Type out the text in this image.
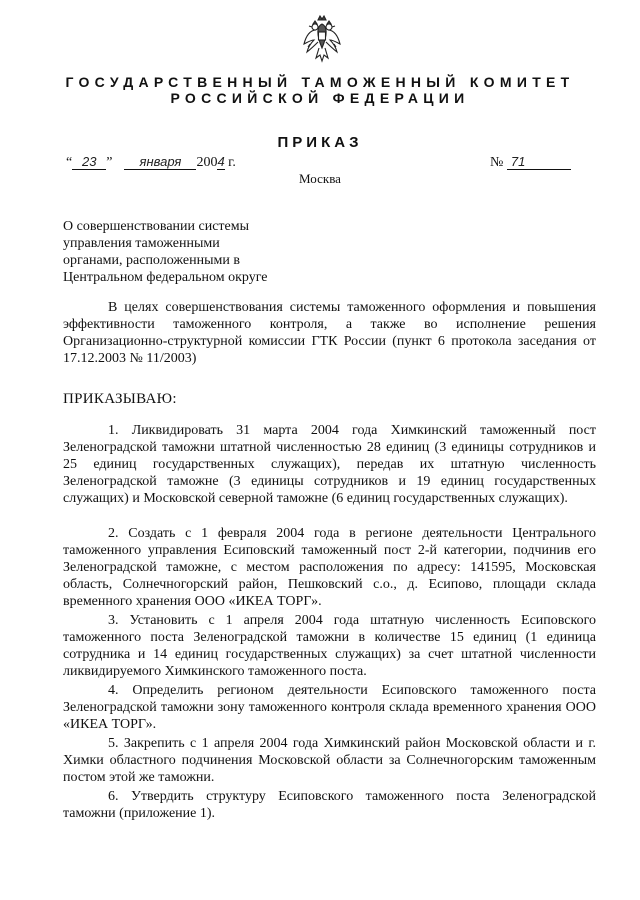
ГОСУДАРСТВЕННЫЙ ТАМОЖЕННЫЙ КОМИТЕТ
РОССИЙСКОЙ ФЕДЕРАЦИИ
ПРИКАЗ
“ 23 ” января 2004 г.	№ 71
Москва
О совершенствовании системы
управления таможенными
органами, расположенными в
Центральном федеральном округе
В целях совершенствования системы таможенного оформления и повышения эффективности таможенного контроля, а также во исполнение решения Организационно-структурной комиссии ГТК России (пункт 6 протокола заседания от 17.12.2003 № 11/2003)
ПРИКАЗЫВАЮ:
1. Ликвидировать 31 марта 2004 года Химкинский таможенный пост Зеленоградской таможни штатной численностью 28 единиц (3 единицы сотрудников и 25 единиц государственных служащих), передав их штатную численность Зеленоградской таможне (3 единицы сотрудников и 19 единиц государственных служащих) и Московской северной таможне (6 единиц государственных служащих).
2. Создать с 1 февраля 2004 года в регионе деятельности Центрального таможенного управления Есиповский таможенный пост 2-й категории, подчинив его Зеленоградской таможне, с местом расположения по адресу: 141595, Московская область, Солнечногорский район, Пешковский с.о., д. Есипово, площади склада временного хранения ООО «ИКЕА ТОРГ».
3. Установить с 1 апреля 2004 года штатную численность Есиповского таможенного поста Зеленоградской таможни в количестве 15 единиц (1 единица сотрудника и 14 единиц государственных служащих) за счет штатной численности ликвидируемого Химкинского таможенного поста.
4. Определить регионом деятельности Есиповского таможенного поста Зеленоградской таможни зону таможенного контроля склада временного хранения ООО «ИКЕА ТОРГ».
5. Закрепить с 1 апреля 2004 года Химкинский район Московской области и г. Химки областного подчинения Московской области за Солнечногорским таможенным постом этой же таможни.
6. Утвердить структуру Есиповского таможенного поста Зеленоградской таможни (приложение 1).
